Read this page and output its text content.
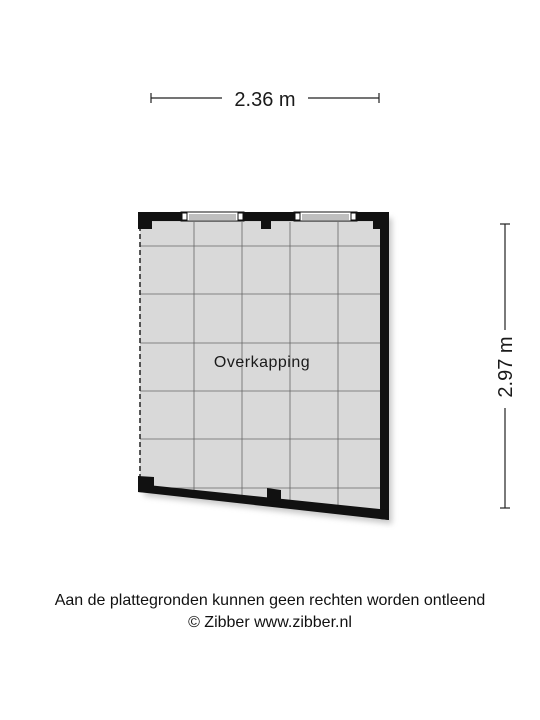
2.36 m
2.97 m
Overkapping
Aan de plattegronden kunnen geen rechten worden ontleend
© Zibber www.zibber.nl
